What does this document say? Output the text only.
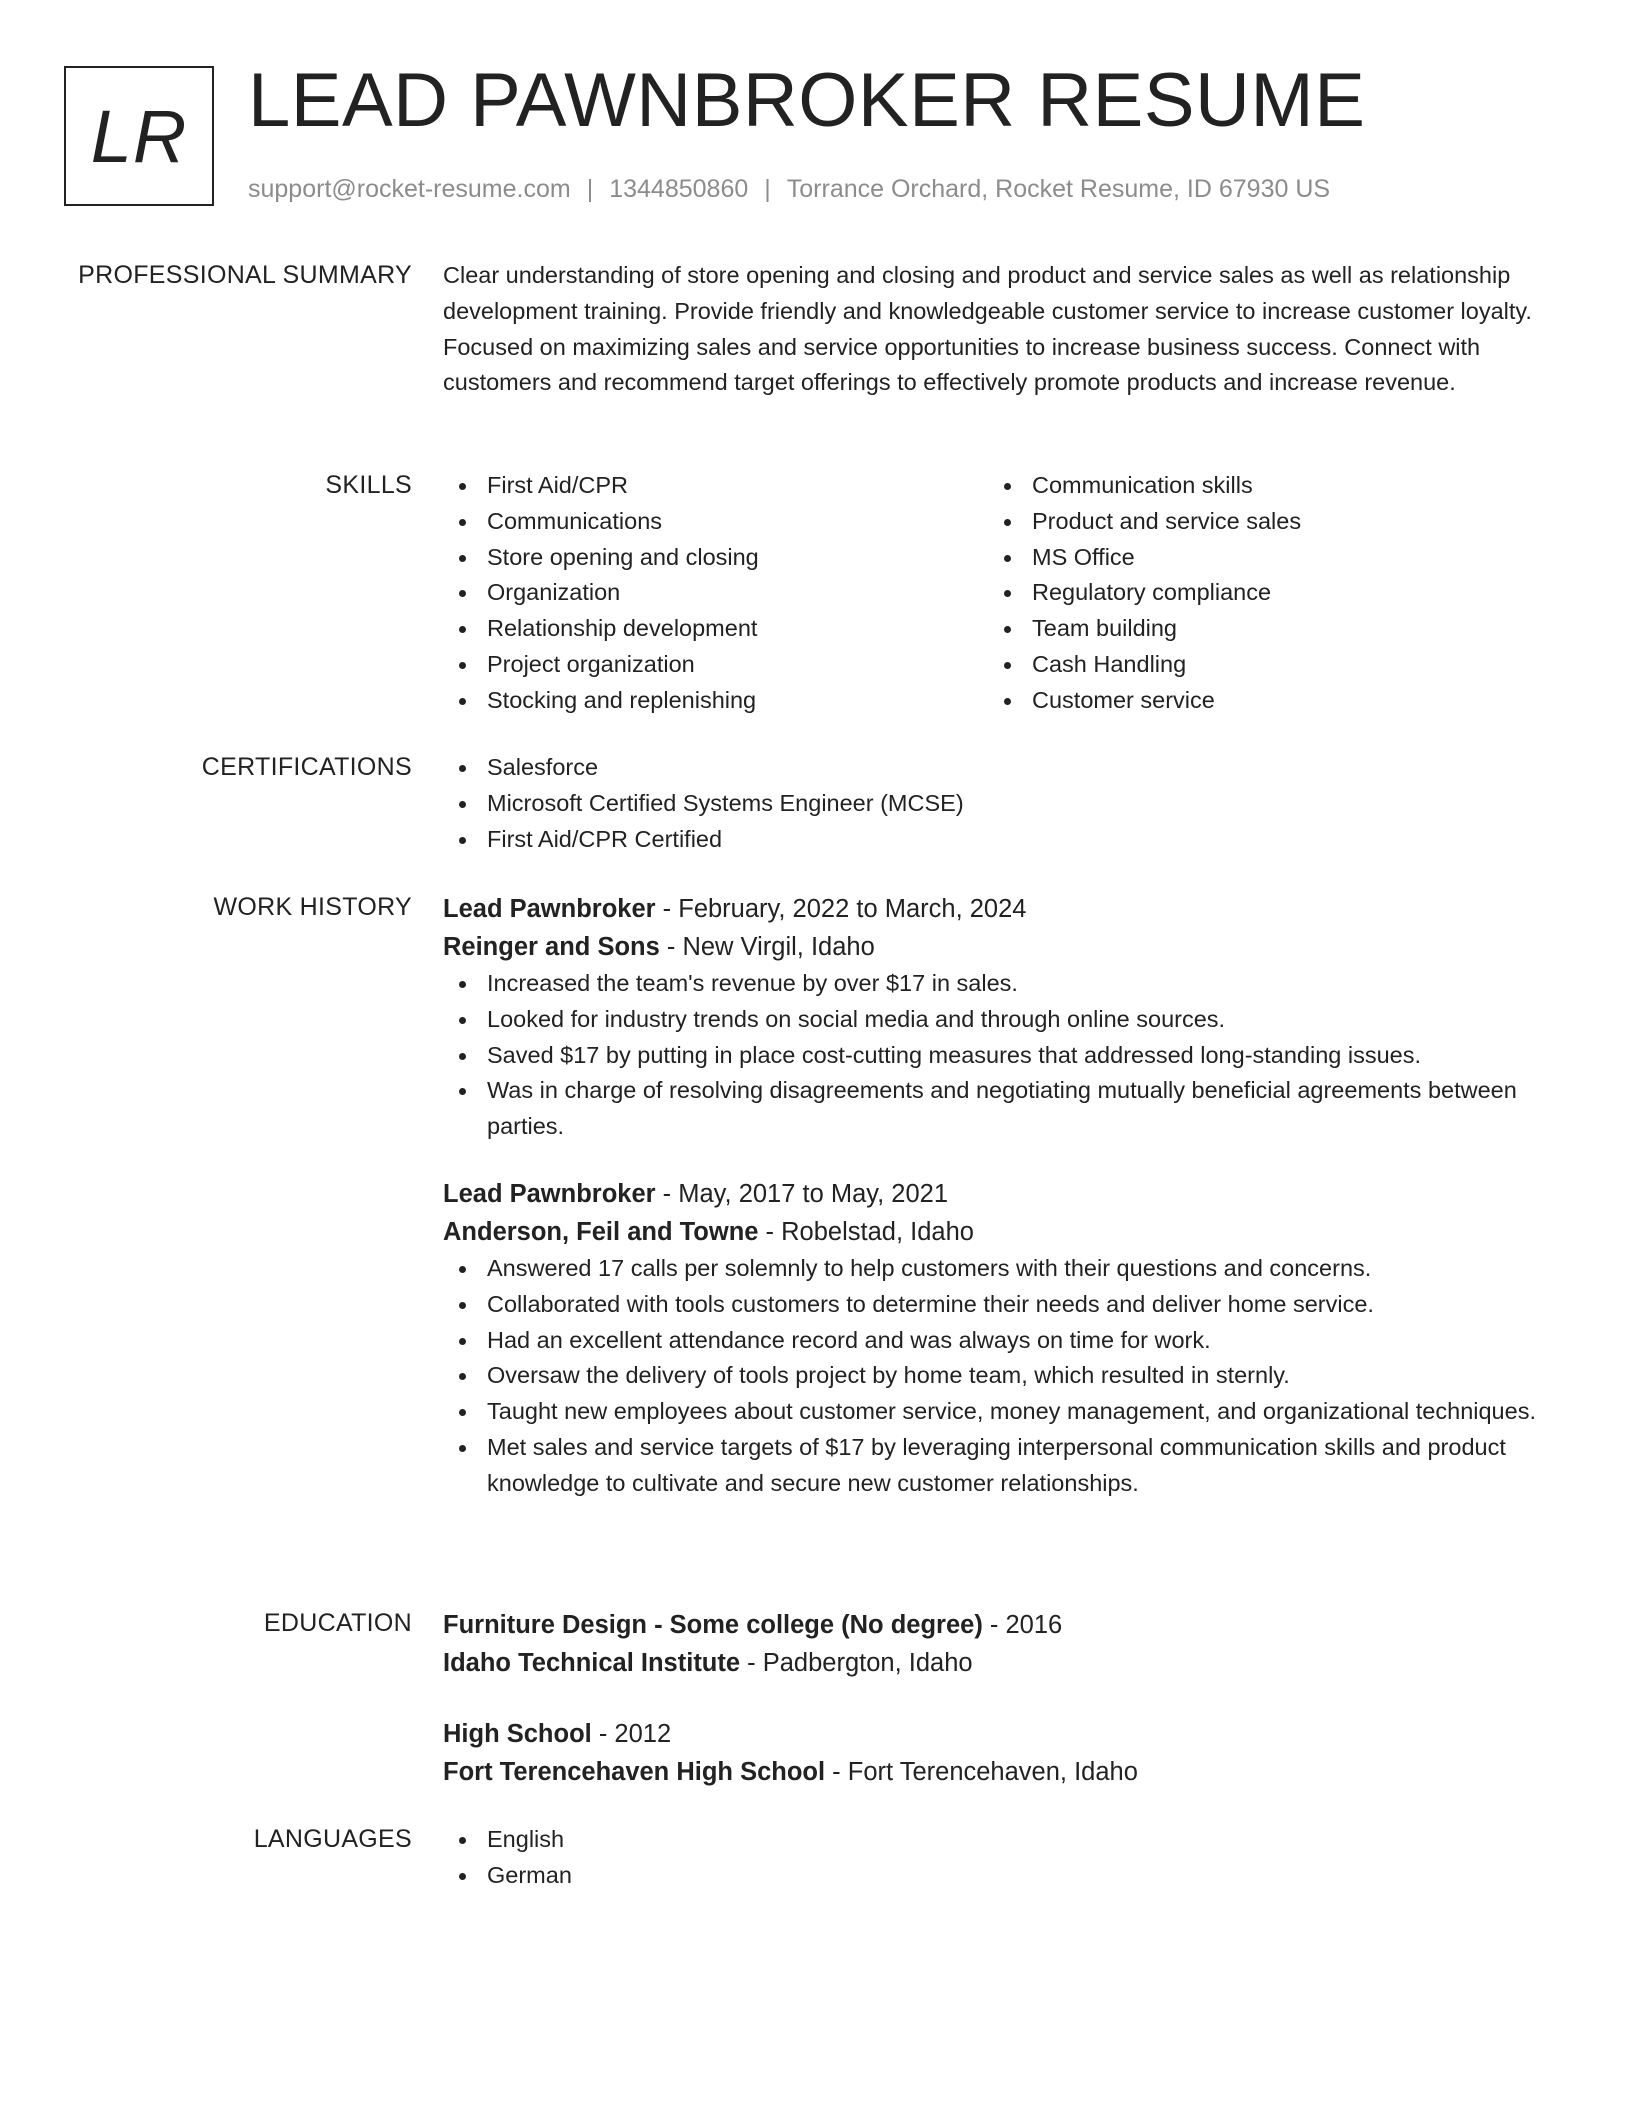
LR LEAD PAWNBROKER RESUME
support@rocket-resume.com | 1344850860 | Torrance Orchard, Rocket Resume, ID 67930 US
PROFESSIONAL SUMMARY Clear understanding of store opening and closing and product and service sales as well as relationship development training. Provide friendly and knowledgeable customer service to increase customer loyalty. Focused on maximizing sales and service opportunities to increase business success. Connect with customers and recommend target offerings to effectively promote products and increase revenue.

SKILLS	First Aid/CPR
Communications
Store opening and closing
Organization
Relationship development
Project organization
Stocking and replenishing
Communication skills
Product and service sales
MS Office
Regulatory compliance
Team building
Cash Handling
Customer service
CERTIFICATIONS	Salesforce
Microsoft Certified Systems Engineer (MCSE)
First Aid/CPR Certified
WORK HISTORY Lead Pawnbroker - February, 2022 to March, 2024
Reinger and Sons - New Virgil, Idaho
Increased the team's revenue by over $17 in sales.
Looked for industry trends on social media and through online sources.
Saved $17 by putting in place cost-cutting measures that addressed long-standing issues.
Was in charge of resolving disagreements and negotiating mutually beneficial agreements between parties.
Lead Pawnbroker - May, 2017 to May, 2021
Anderson, Feil and Towne - Robelstad, Idaho
Answered 17 calls per solemnly to help customers with their questions and concerns.
Collaborated with tools customers to determine their needs and deliver home service.
Had an excellent attendance record and was always on time for work.
Oversaw the delivery of tools project by home team, which resulted in sternly.
Taught new employees about customer service, money management, and organizational techniques.
Met sales and service targets of $17 by leveraging interpersonal communication skills and product knowledge to cultivate and secure new customer relationships.
EDUCATION Furniture Design - Some college (No degree) - 2016
Idaho Technical Institute - Padbergton, Idaho
High School - 2012
Fort Terencehaven High School - Fort Terencehaven, Idaho
LANGUAGES	English
German
